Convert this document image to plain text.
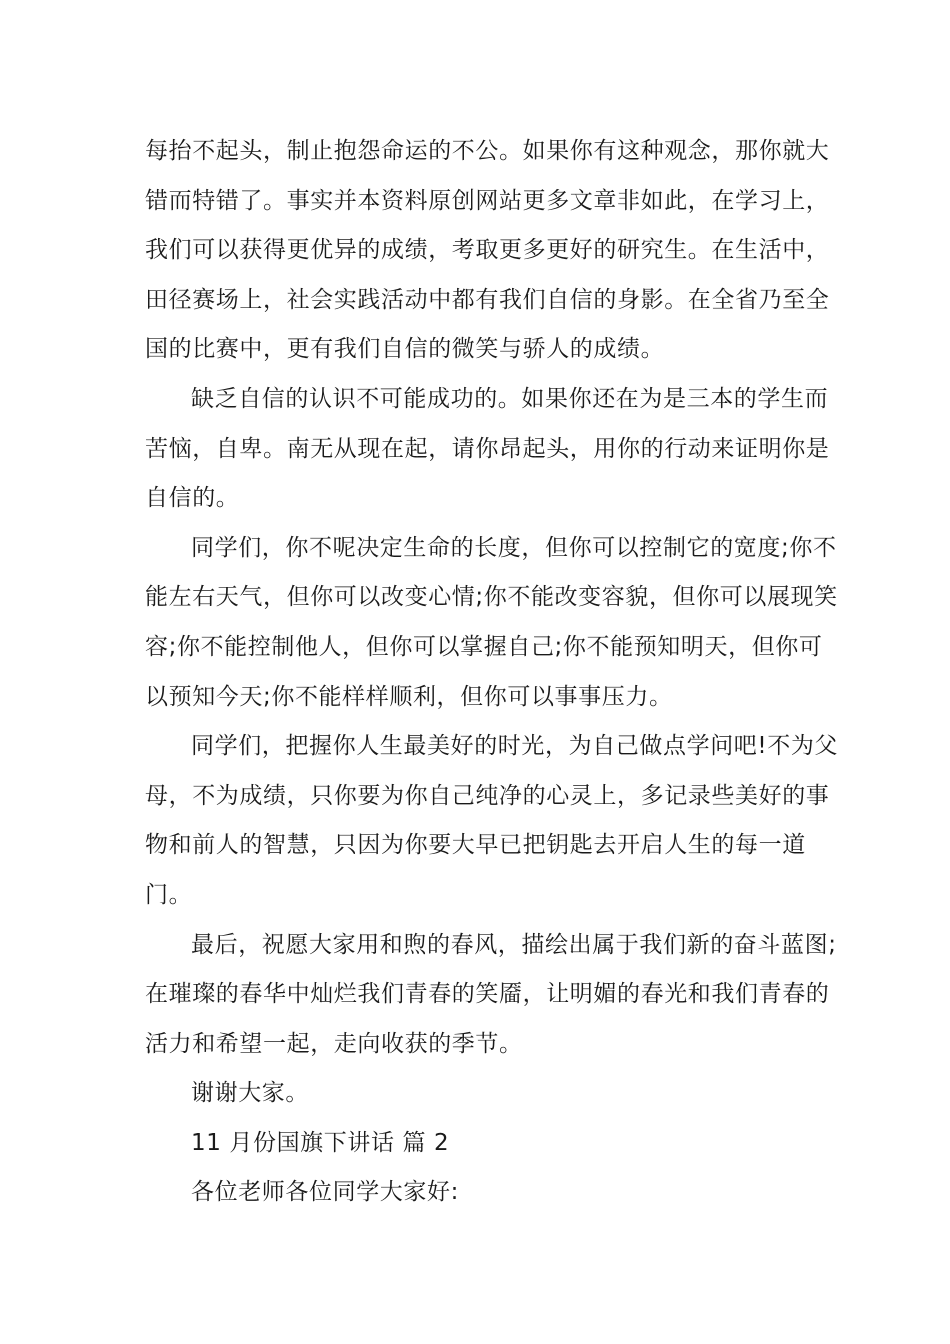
每抬不起头，制止抱怨命运的不公。如果你有这种观念，那你就大
错而特错了。事实并本资料原创网站更多文章非如此，在学习上，
我们可以获得更优异的成绩，考取更多更好的研究生。在生活中，
田径赛场上，社会实践活动中都有我们自信的身影。在全省乃至全
国的比赛中，更有我们自信的微笑与骄人的成绩。
缺乏自信的认识不可能成功的。如果你还在为是三本的学生而
苦恼，自卑。南无从现在起，请你昂起头，用你的行动来证明你是
自信的。
同学们，你不呢决定生命的长度，但你可以控制它的宽度;你不
能左右天气，但你可以改变心情;你不能改变容貌，但你可以展现笑
容;你不能控制他人，但你可以掌握自己;你不能预知明天，但你可
以预知今天;你不能样样顺利，但你可以事事压力。
同学们，把握你人生最美好的时光，为自己做点学问吧!不为父
母，不为成绩，只你要为你自己纯净的心灵上，多记录些美好的事
物和前人的智慧，只因为你要大早已把钥匙去开启人生的每一道
门。
最后，祝愿大家用和煦的春风，描绘出属于我们新的奋斗蓝图;
在璀璨的春华中灿烂我们青春的笑靥，让明媚的春光和我们青春的
活力和希望一起，走向收获的季节。
谢谢大家。
11 月份国旗下讲话 篇 2
各位老师各位同学大家好:
